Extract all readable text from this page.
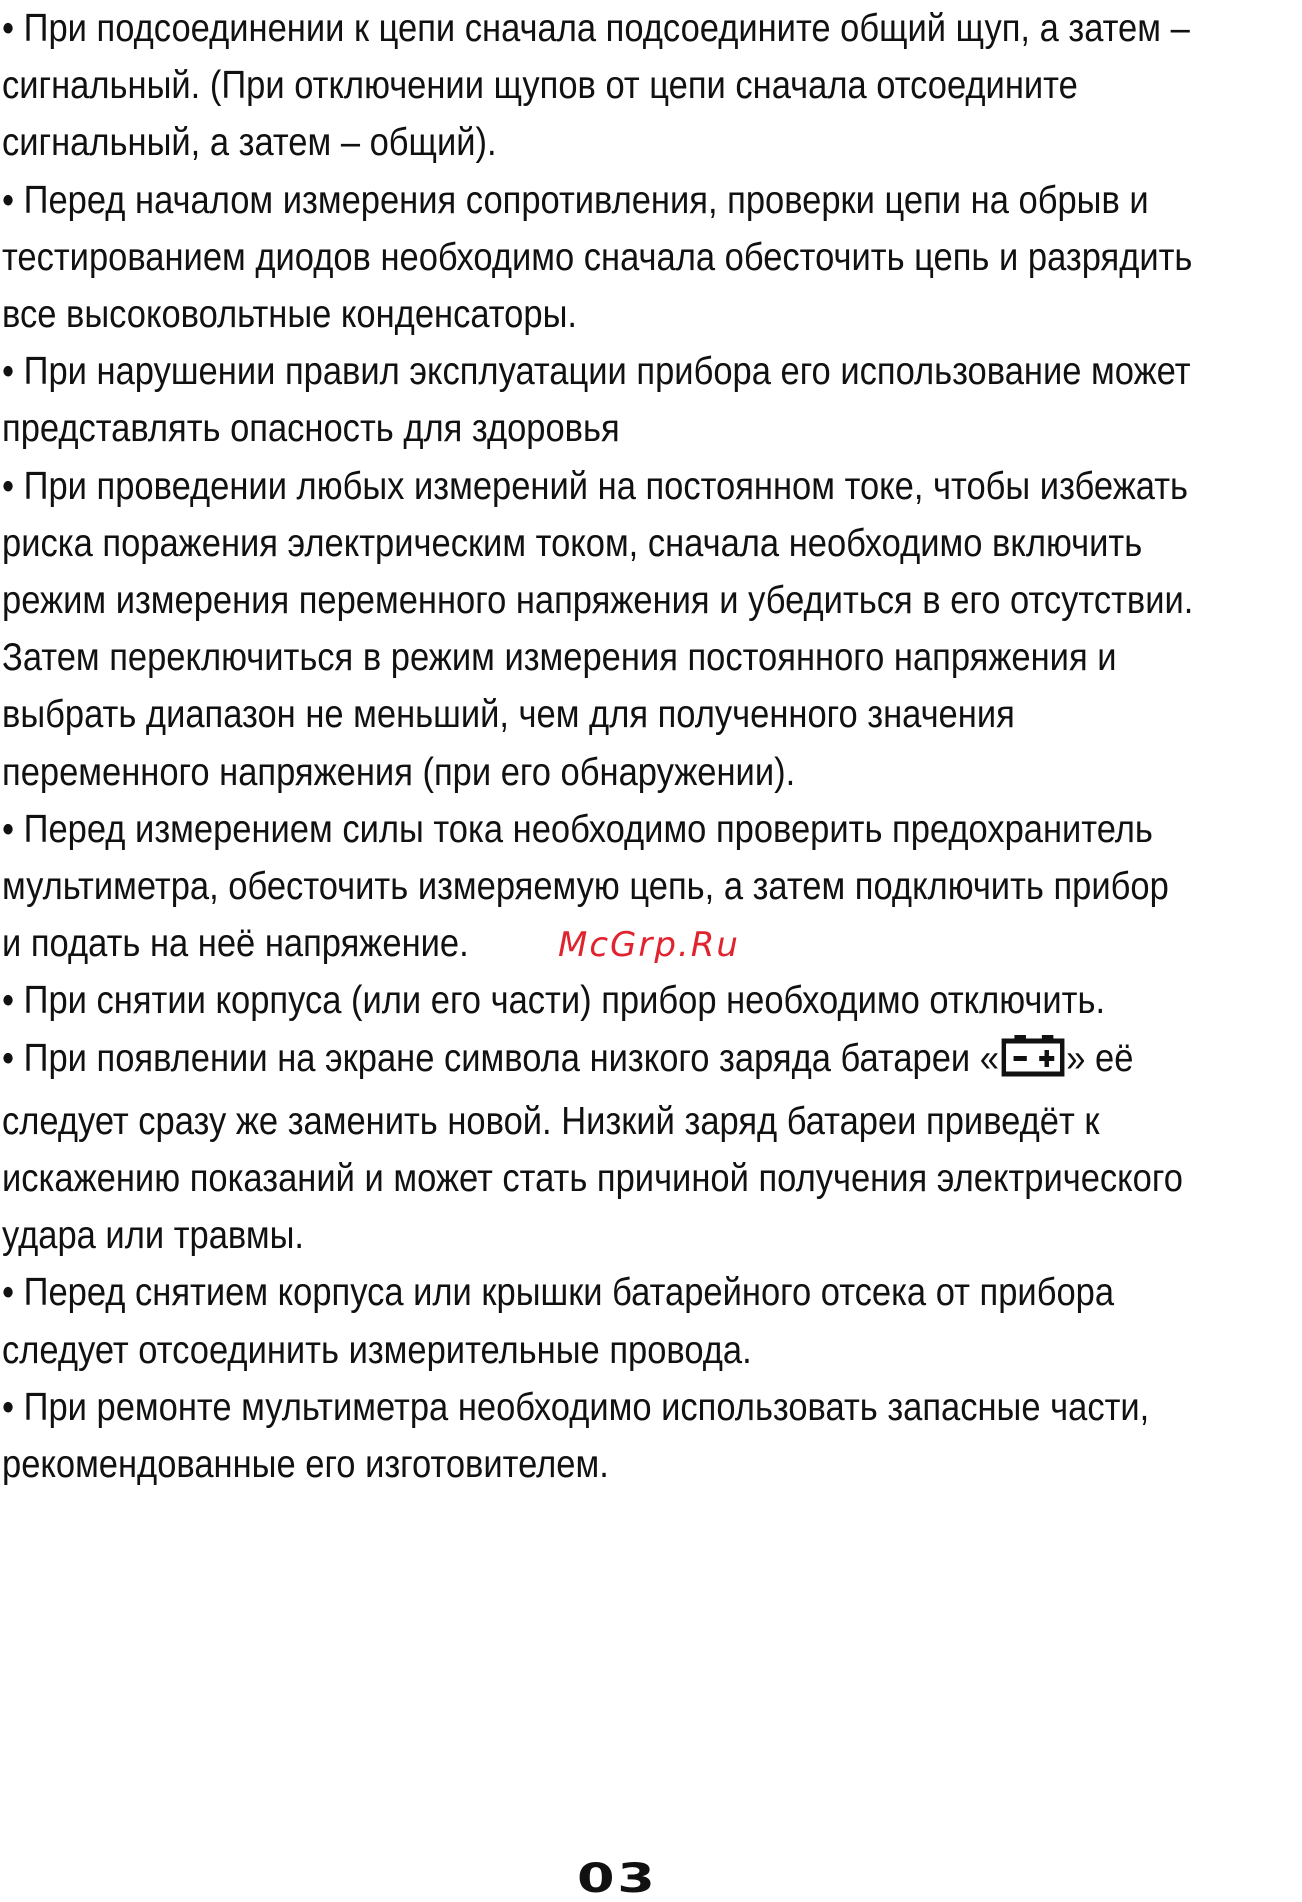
• При подсоединении к цепи сначала подсоедините общий щуп, а затем –
сигнальный. (При отключении щупов от цепи сначала отсоедините
сигнальный, а затем – общий).
• Перед началом измерения сопротивления, проверки цепи на обрыв и
тестированием диодов необходимо сначала обесточить цепь и разрядить
все высоковольтные конденсаторы.
• При нарушении правил эксплуатации прибора его использование может
представлять опасность для здоровья
• При проведении любых измерений на постоянном токе, чтобы избежать
риска поражения электрическим током, сначала необходимо включить
режим измерения переменного напряжения и убедиться в его отсутствии.
Затем переключиться в режим измерения постоянного напряжения и
выбрать диапазон не меньший, чем для полученного значения
переменного напряжения (при его обнаружении).
• Перед измерением силы тока необходимо проверить предохранитель
мультиметра, обесточить измеряемую цепь, а затем подключить прибор
и подать на неё напряжение.
• При снятии корпуса (или его части) прибор необходимо отключить.
• При появлении на экране символа низкого заряда батареи « » её
следует сразу же заменить новой. Низкий заряд батареи приведёт к
искажению показаний и может стать причиной получения электрического
удара или травмы.
• Перед снятием корпуса или крышки батарейного отсека от прибора
следует отсоединить измерительные провода.
• При ремонте мультиметра необходимо использовать запасные части,
рекомендованные его изготовителем.
McGrp.Ru
03
